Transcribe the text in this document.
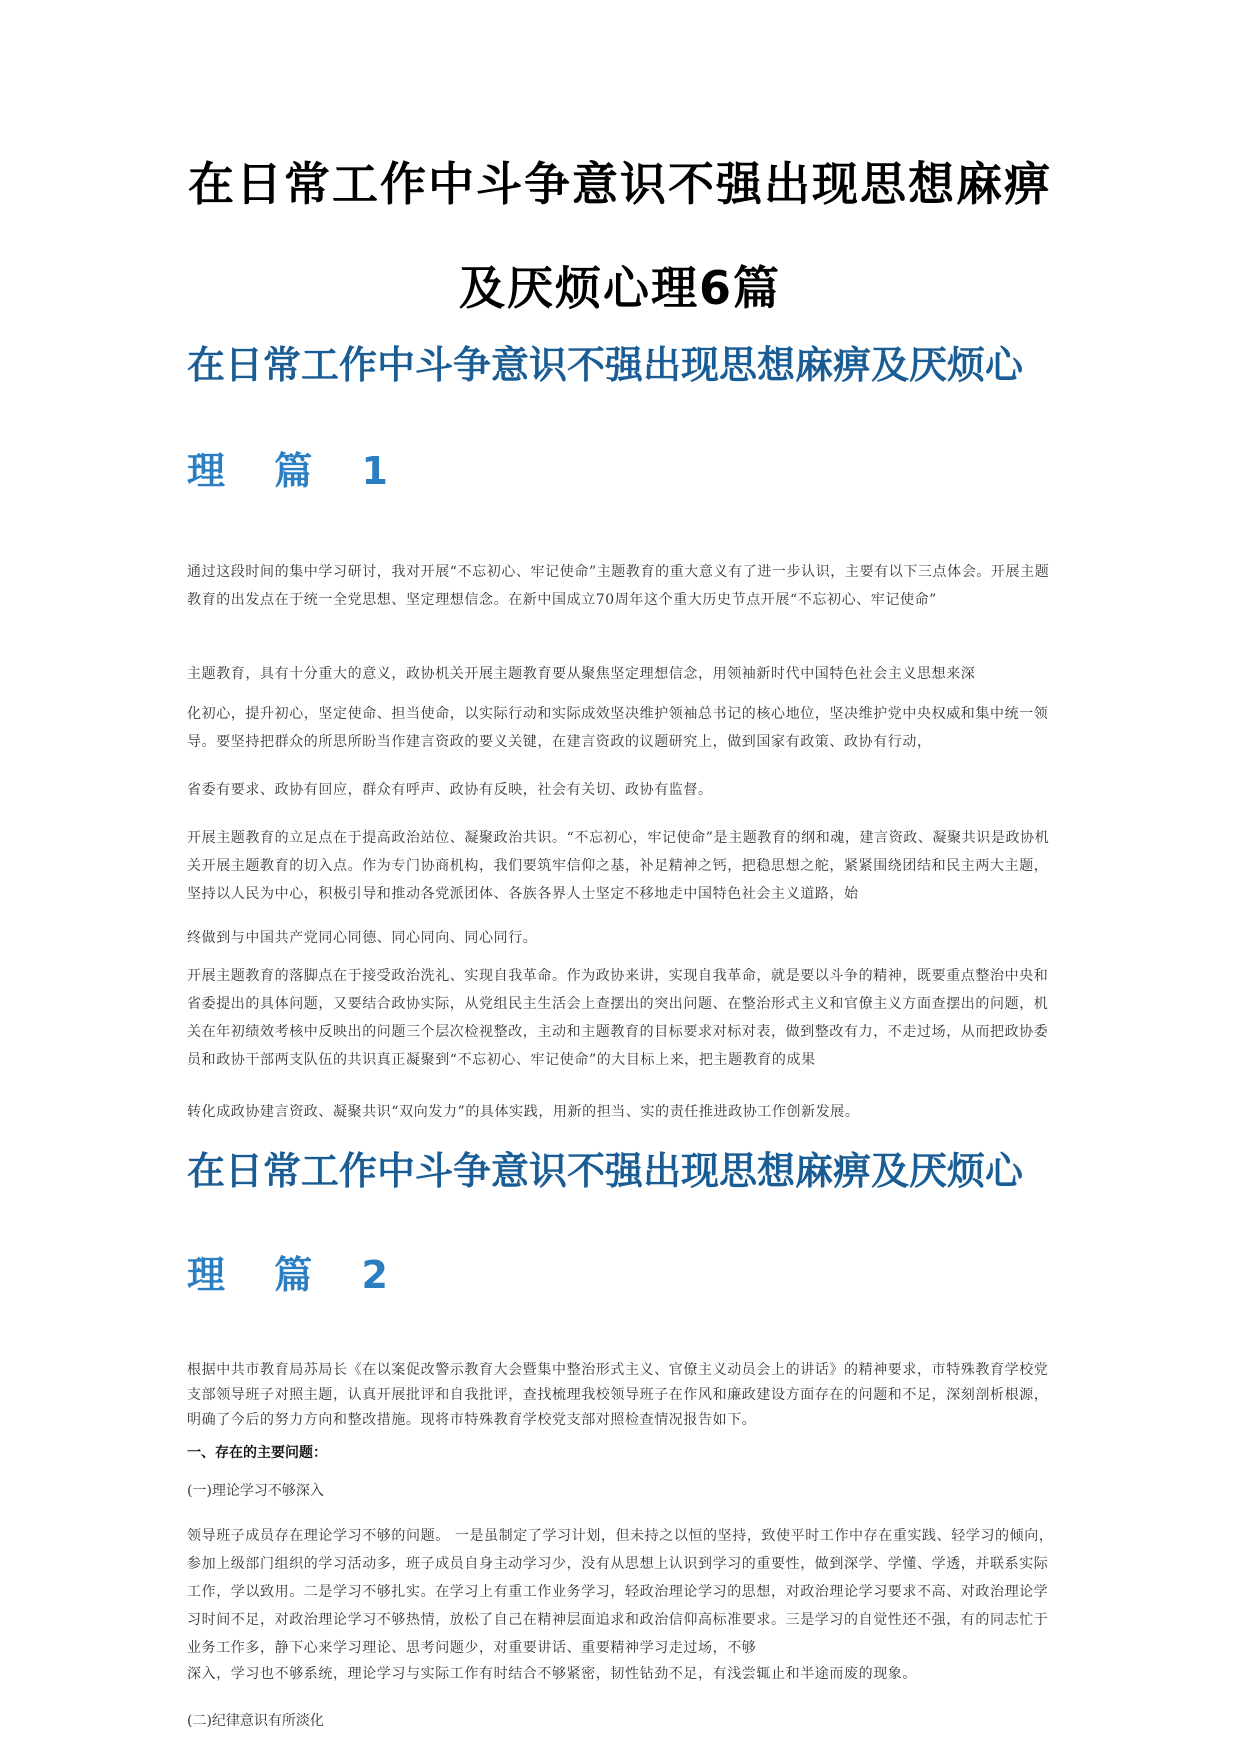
在日常工作中斗争意识不强出现思想麻痹
及厌烦心理6篇
在日常工作中斗争意识不强出现思想麻痹及厌烦心
理 篇 1

通过这段时间的集中学习研讨，我对开展“不忘初心、牢记使命”主题教育的重大意义有了进一步认识，主要有以下三点体会。开展主题教育的出发点在于统一全党思想、坚定理想信念。在新中国成立70周年这个重大历史节点开展“不忘初心、牢记使命”

主题教育，具有十分重大的意义，政协机关开展主题教育要从聚焦坚定理想信念，用领袖新时代中国特色社会主义思想来深

化初心，提升初心，坚定使命、担当使命，以实际行动和实际成效坚决维护领袖总书记的核心地位，坚决维护党中央权威和集中统一领导。要坚持把群众的所思所盼当作建言资政的要义关键，在建言资政的议题研究上，做到国家有政策、政协有行动，

省委有要求、政协有回应，群众有呼声、政协有反映，社会有关切、政协有监督。

开展主题教育的立足点在于提高政治站位、凝聚政治共识。“不忘初心，牢记使命”是主题教育的纲和魂，建言资政、凝聚共识是政协机关开展主题教育的切入点。作为专门协商机构，我们要筑牢信仰之基，补足精神之钙，把稳思想之舵，紧紧围绕团结和民主两大主题，坚持以人民为中心，积极引导和推动各党派团体、各族各界人士坚定不移地走中国特色社会主义道路，始

终做到与中国共产党同心同德、同心同向、同心同行。

开展主题教育的落脚点在于接受政治洗礼、实现自我革命。作为政协来讲，实现自我革命，就是要以斗争的精神，既要重点整治中央和省委提出的具体问题，又要结合政协实际，从党组民主生活会上查摆出的突出问题、在整治形式主义和官僚主义方面查摆出的问题，机关在年初绩效考核中反映出的问题三个层次检视整改，主动和主题教育的目标要求对标对表，做到整改有力，不走过场，从而把政协委员和政协干部两支队伍的共识真正凝聚到“不忘初心、牢记使命”的大目标上来，把主题教育的成果

转化成政协建言资政、凝聚共识“双向发力”的具体实践，用新的担当、实的责任推进政协工作创新发展。

在日常工作中斗争意识不强出现思想麻痹及厌烦心
理 篇 2

根据中共市教育局苏局长《在以案促改警示教育大会暨集中整治形式主义、官僚主义动员会上的讲话》的精神要求，市特殊教育学校党支部领导班子对照主题，认真开展批评和自我批评，查找梳理我校领导班子在作风和廉政建设方面存在的问题和不足，深刻剖析根源，明确了今后的努力方向和整改措施。现将市特殊教育学校党支部对照检查情况报告如下。

一、存在的主要问题：

(一)理论学习不够深入

领导班子成员存在理论学习不够的问题。 一是虽制定了学习计划，但未持之以恒的坚持，致使平时工作中存在重实践、轻学习的倾向，参加上级部门组织的学习活动多，班子成员自身主动学习少，没有从思想上认识到学习的重要性，做到深学、学懂、学透，并联系实际工作，学以致用。二是学习不够扎实。在学习上有重工作业务学习，轻政治理论学习的思想，对政治理论学习要求不高、对政治理论学习时间不足，对政治理论学习不够热情，放松了自己在精神层面追求和政治信仰高标准要求。三是学习的自觉性还不强，有的同志忙于业务工作多，静下心来学习理论、思考问题少，对重要讲话、重要精神学习走过场，不够

深入，学习也不够系统，理论学习与实际工作有时结合不够紧密，韧性钻劲不足，有浅尝辄止和半途而废的现象。

(二)纪律意识有所淡化
